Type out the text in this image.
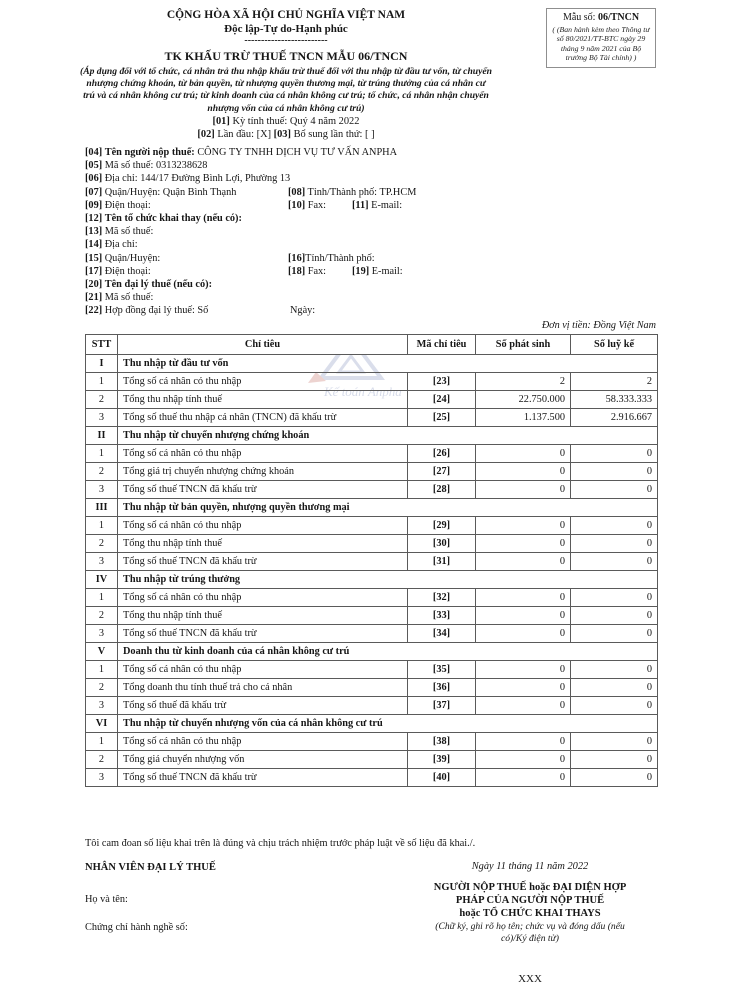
CỘNG HÒA XÃ HỘI CHỦ NGHĨA VIỆT NAM
Độc lập-Tự do-Hạnh phúc
-------------------------
TK KHẤU TRỪ THUẾ TNCN MẪU 06/TNCN
(Áp dụng đối với tổ chức, cá nhân trả thu nhập khấu trừ thuế đối với thu nhập từ đầu tư vốn, từ chuyển nhượng chứng khoán, từ bản quyền, từ nhượng quyền thương mại, từ trúng thưởng của cá nhân cư trú và cá nhân không cư trú; từ kinh doanh của cá nhân không cư trú; tổ chức, cá nhân nhận chuyển nhượng vốn của cá nhân không cư trú)
[01] Kỳ tính thuế: Quý 4 năm 2022
[02] Lần đầu: [X] [03] Bổ sung lần thứ: [ ]
Mẫu số: 06/TNCN
( (Ban hành kèm theo Thông tư số 80/2021/TT-BTC ngày 29 tháng 9 năm 2021 của Bộ trưởng Bộ Tài chính) )
[04] Tên người nộp thuế: CÔNG TY TNHH DỊCH VỤ TƯ VẤN ANPHA
[05] Mã số thuế: 0313238628
[06] Địa chỉ: 144/17 Đường Bình Lợi, Phường 13
[07] Quận/Huyện: Quận Bình Thạnh	[08] Tỉnh/Thành phố: TP.HCM
[09] Điện thoại:	[10] Fax:	[11] E-mail:
[12] Tên tổ chức khai thay (nếu có):
[13] Mã số thuế:
[14] Địa chỉ:
[15] Quận/Huyện:	[16]Tỉnh/Thành phố:
[17] Điện thoại:	[18] Fax:	[19] E-mail:
[20] Tên đại lý thuế (nếu có):
[21] Mã số thuế:
[22] Hợp đồng đại lý thuế: Số	Ngày:
Đơn vị tiền: Đồng Việt Nam
Kế toán Anpha
STT	Chỉ tiêu	Mã chỉ tiêu	Số phát sinh	Số luỹ kế
I	Thu nhập từ đầu tư vốn			
1	Tổng số cá nhân có thu nhập	[23]	2	2
2	Tổng thu nhập tính thuế	[24]	22.750.000	58.333.333
3	Tổng số thuế thu nhập cá nhân (TNCN) đã khấu trừ	[25]	1.137.500	2.916.667
II	Thu nhập từ chuyển nhượng chứng khoán			
1	Tổng số cá nhân có thu nhập	[26]	0	0
2	Tổng giá trị chuyển nhượng chứng khoán	[27]	0	0
3	Tổng số thuế TNCN đã khấu trừ	[28]	0	0
III	Thu nhập từ bản quyền, nhượng quyền thương mại			
1	Tổng số cá nhân có thu nhập	[29]	0	0
2	Tổng thu nhập tính thuế	[30]	0	0
3	Tổng số thuế TNCN đã khấu trừ	[31]	0	0
IV	Thu nhập từ trúng thưởng			
1	Tổng số cá nhân có thu nhập	[32]	0	0
2	Tổng thu nhập tính thuế	[33]	0	0
3	Tổng số thuế TNCN đã khấu trừ	[34]	0	0
V	Doanh thu từ kinh doanh của cá nhân không cư trú			
1	Tổng số cá nhân có thu nhập	[35]	0	0
2	Tổng doanh thu tính thuế trả cho cá nhân	[36]	0	0
3	Tổng số thuế đã khấu trừ	[37]	0	0
VI	Thu nhập từ chuyển nhượng vốn của cá nhân không cư trú			
1	Tổng số cá nhân có thu nhập	[38]	0	0
2	Tổng giá chuyển nhượng vốn	[39]	0	0
3	Tổng số thuế TNCN đã khấu trừ	[40]	0	0
Tôi cam đoan số liệu khai trên là đúng và chịu trách nhiệm trước pháp luật về số liệu đã khai./.
NHÂN VIÊN ĐẠI LÝ THUẾ
Họ và tên:
Chứng chỉ hành nghề số:
Ngày 11 tháng 11 năm 2022
NGƯỜI NỘP THUẾ hoặc ĐẠI DIỆN HỢP
PHÁP CỦA NGƯỜI NỘP THUẾ
hoặc TỔ CHỨC KHAI THAYS
(Chữ ký, ghi rõ họ tên; chức vụ và đóng dấu (nếu
có)/Ký điện tử)
XXX
